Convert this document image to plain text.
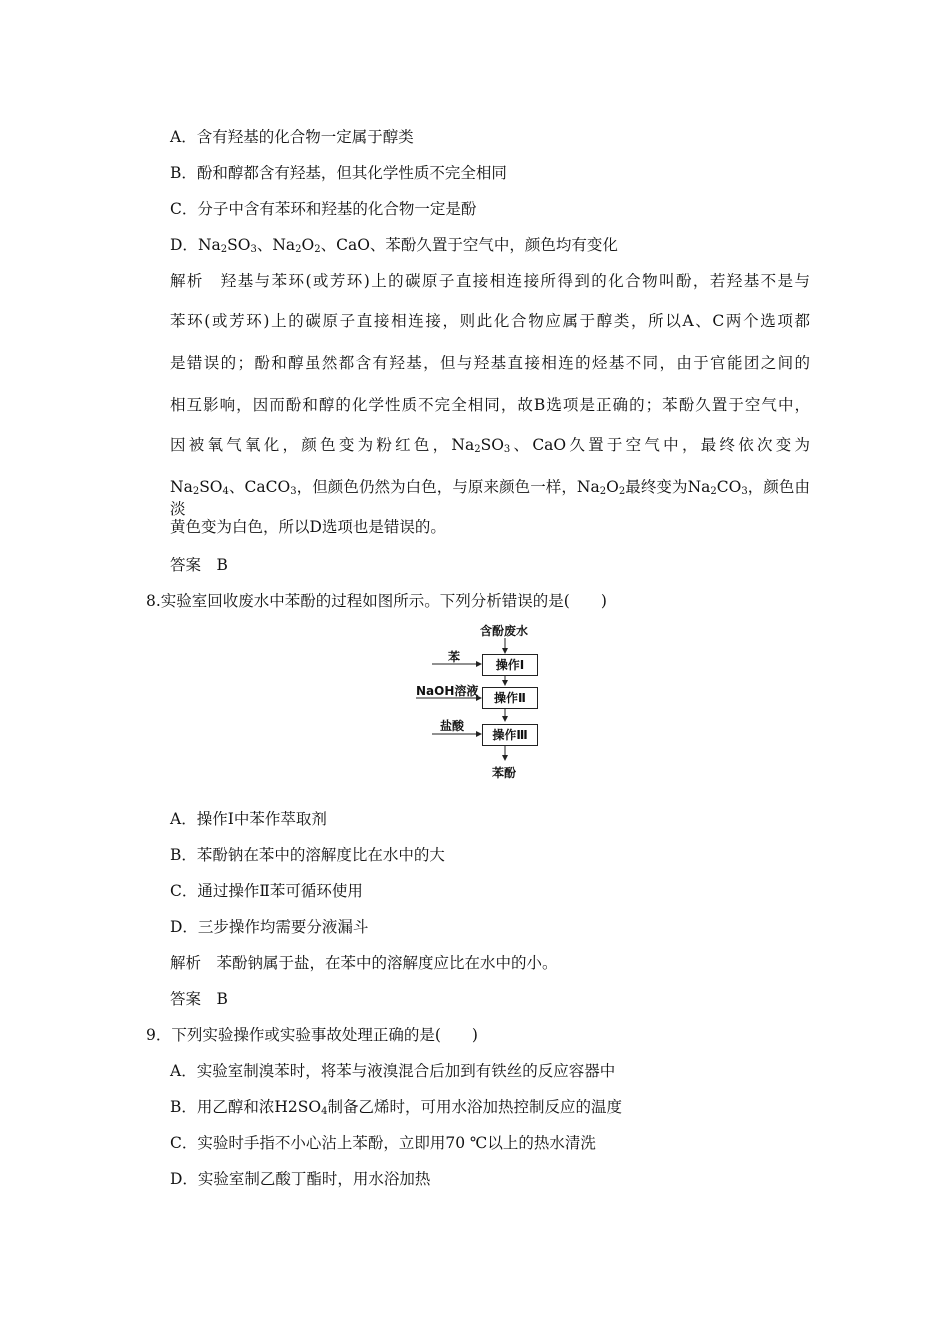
A．含有羟基的化合物一定属于醇类
B．酚和醇都含有羟基，但其化学性质不完全相同
C．分子中含有苯环和羟基的化合物一定是酚
D．$Na_2SO_3$、$Na_2O_2$、CaO、苯酚久置于空气中，颜色均有变化
解析　羟基与苯环(或芳环)上的碳原子直接相连接所得到的化合物叫酚，若羟基不是与
苯环(或芳环)上的碳原子直接相连接，则此化合物应属于醇类，所以A、C两个选项都
是错误的；酚和醇虽然都含有羟基，但与羟基直接相连的烃基不同，由于官能团之间的
相互影响，因而酚和醇的化学性质不完全相同，故B选项是正确的；苯酚久置于空气中，
因被氧气氧化，颜色变为粉红色，$Na_2SO_3$、CaO久置于空气中，最终依次变为
$Na_2SO_4$、CaCO$_3$，但颜色仍然为白色，与原来颜色一样，$Na_2O_2$最终变为$Na_2CO_3$，颜色由淡
黄色变为白色，所以D选项也是错误的。
答案　B
8.实验室回收废水中苯酚的过程如图所示。下列分析错误的是(　　)
含酚废水
操作Ⅰ
操作Ⅱ
操作Ⅲ
苯
NaOH溶液
盐酸
苯酚
A．操作Ⅰ中苯作萃取剂
B．苯酚钠在苯中的溶解度比在水中的大
C．通过操作Ⅱ苯可循环使用
D．三步操作均需要分液漏斗
解析　苯酚钠属于盐，在苯中的溶解度应比在水中的小。
答案　B
9．下列实验操作或实验事故处理正确的是(　　)
A．实验室制溴苯时，将苯与液溴混合后加到有铁丝的反应容器中
B．用乙醇和浓$H2SO_4$制备乙烯时，可用水浴加热控制反应的温度
C．实验时手指不小心沾上苯酚，立即用70 ℃以上的热水清洗
D．实验室制乙酸丁酯时，用水浴加热
